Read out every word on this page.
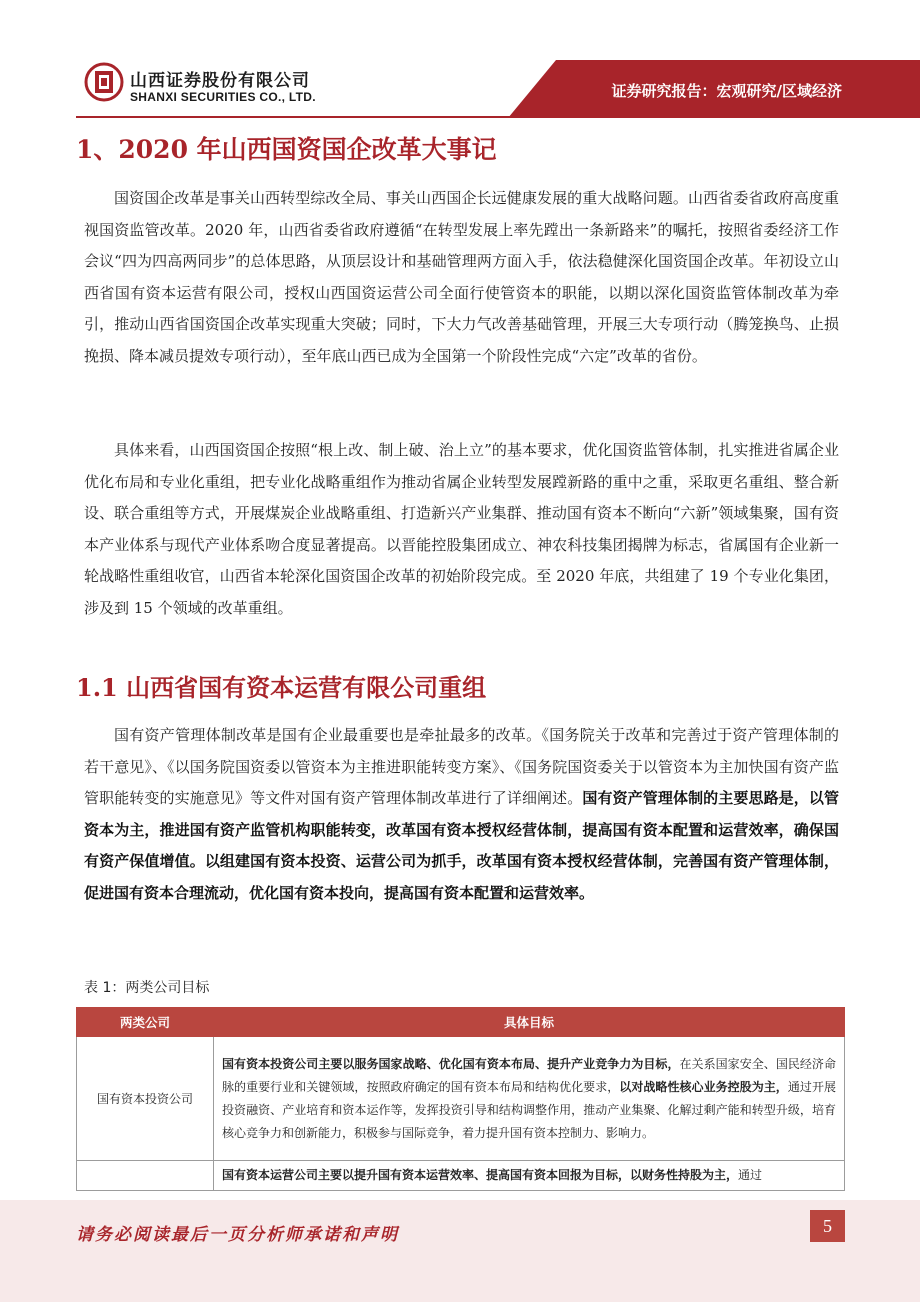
山西证券股份有限公司
SHANXI SECURITIES CO., LTD.	证券研究报告：宏观研究/区域经济
1、2020 年山西国资国企改革大事记

国资国企改革是事关山西转型综改全局、事关山西国企长远健康发展的重大战略问题。山西省委省政府高度重视国资监管改革。2020 年，山西省委省政府遵循“在转型发展上率先蹚出一条新路来”的嘱托，按照省委经济工作会议“四为四高两同步”的总体思路，从顶层设计和基础管理两方面入手，依法稳健深化国资国企改革。年初设立山西省国有资本运营有限公司，授权山西国资运营公司全面行使管资本的职能，以期以深化国资监管体制改革为牵引，推动山西省国资国企改革实现重大突破；同时，下大力气改善基础管理，开展三大专项行动（腾笼换鸟、止损挽损、降本减员提效专项行动），至年底山西已成为全国第一个阶段性完成“六定”改革的省份。

具体来看，山西国资国企按照“根上改、制上破、治上立”的基本要求，优化国资监管体制，扎实推进省属企业优化布局和专业化重组，把专业化战略重组作为推动省属企业转型发展蹚新路的重中之重，采取更名重组、整合新设、联合重组等方式，开展煤炭企业战略重组、打造新兴产业集群、推动国有资本不断向“六新”领域集聚，国有资本产业体系与现代产业体系吻合度显著提高。以晋能控股集团成立、神农科技集团揭牌为标志，省属国有企业新一轮战略性重组收官，山西省本轮深化国资国企改革的初始阶段完成。至 2020 年底，共组建了 19 个专业化集团，涉及到 15 个领域的改革重组。

1.1 山西省国有资本运营有限公司重组

国有资产管理体制改革是国有企业最重要也是牵扯最多的改革。《国务院关于改革和完善过于资产管理体制的若干意见》、《以国务院国资委以管资本为主推进职能转变方案》、《国务院国资委关于以管资本为主加快国有资产监管职能转变的实施意见》等文件对国有资产管理体制改革进行了详细阐述。国有资产管理体制的主要思路是，以管资本为主，推进国有资产监管机构职能转变，改革国有资本授权经营体制，提高国有资本配置和运营效率，确保国有资产保值增值。以组建国有资本投资、运营公司为抓手，改革国有资本授权经营体制，完善国有资产管理体制，促进国有资本合理流动，优化国有资本投向，提高国有资本配置和运营效率。

表 1：两类公司目标
两类公司	具体目标
国有资本投资公司	国有资本投资公司主要以服务国家战略、优化国有资本布局、提升产业竞争力为目标，在关系国家安全、国民经济命脉的重要行业和关键领域，按照政府确定的国有资本布局和结构优化要求，以对战略性核心业务控股为主，通过开展投资融资、产业培育和资本运作等，发挥投资引导和结构调整作用，推动产业集聚、化解过剩产能和转型升级，培育核心竞争力和创新能力，积极参与国际竞争，着力提升国有资本控制力、影响力。
	国有资本运营公司主要以提升国有资本运营效率、提高国有资本回报为目标，以财务性持股为主，通过
请务必阅读最后一页分析师承诺和声明	5
